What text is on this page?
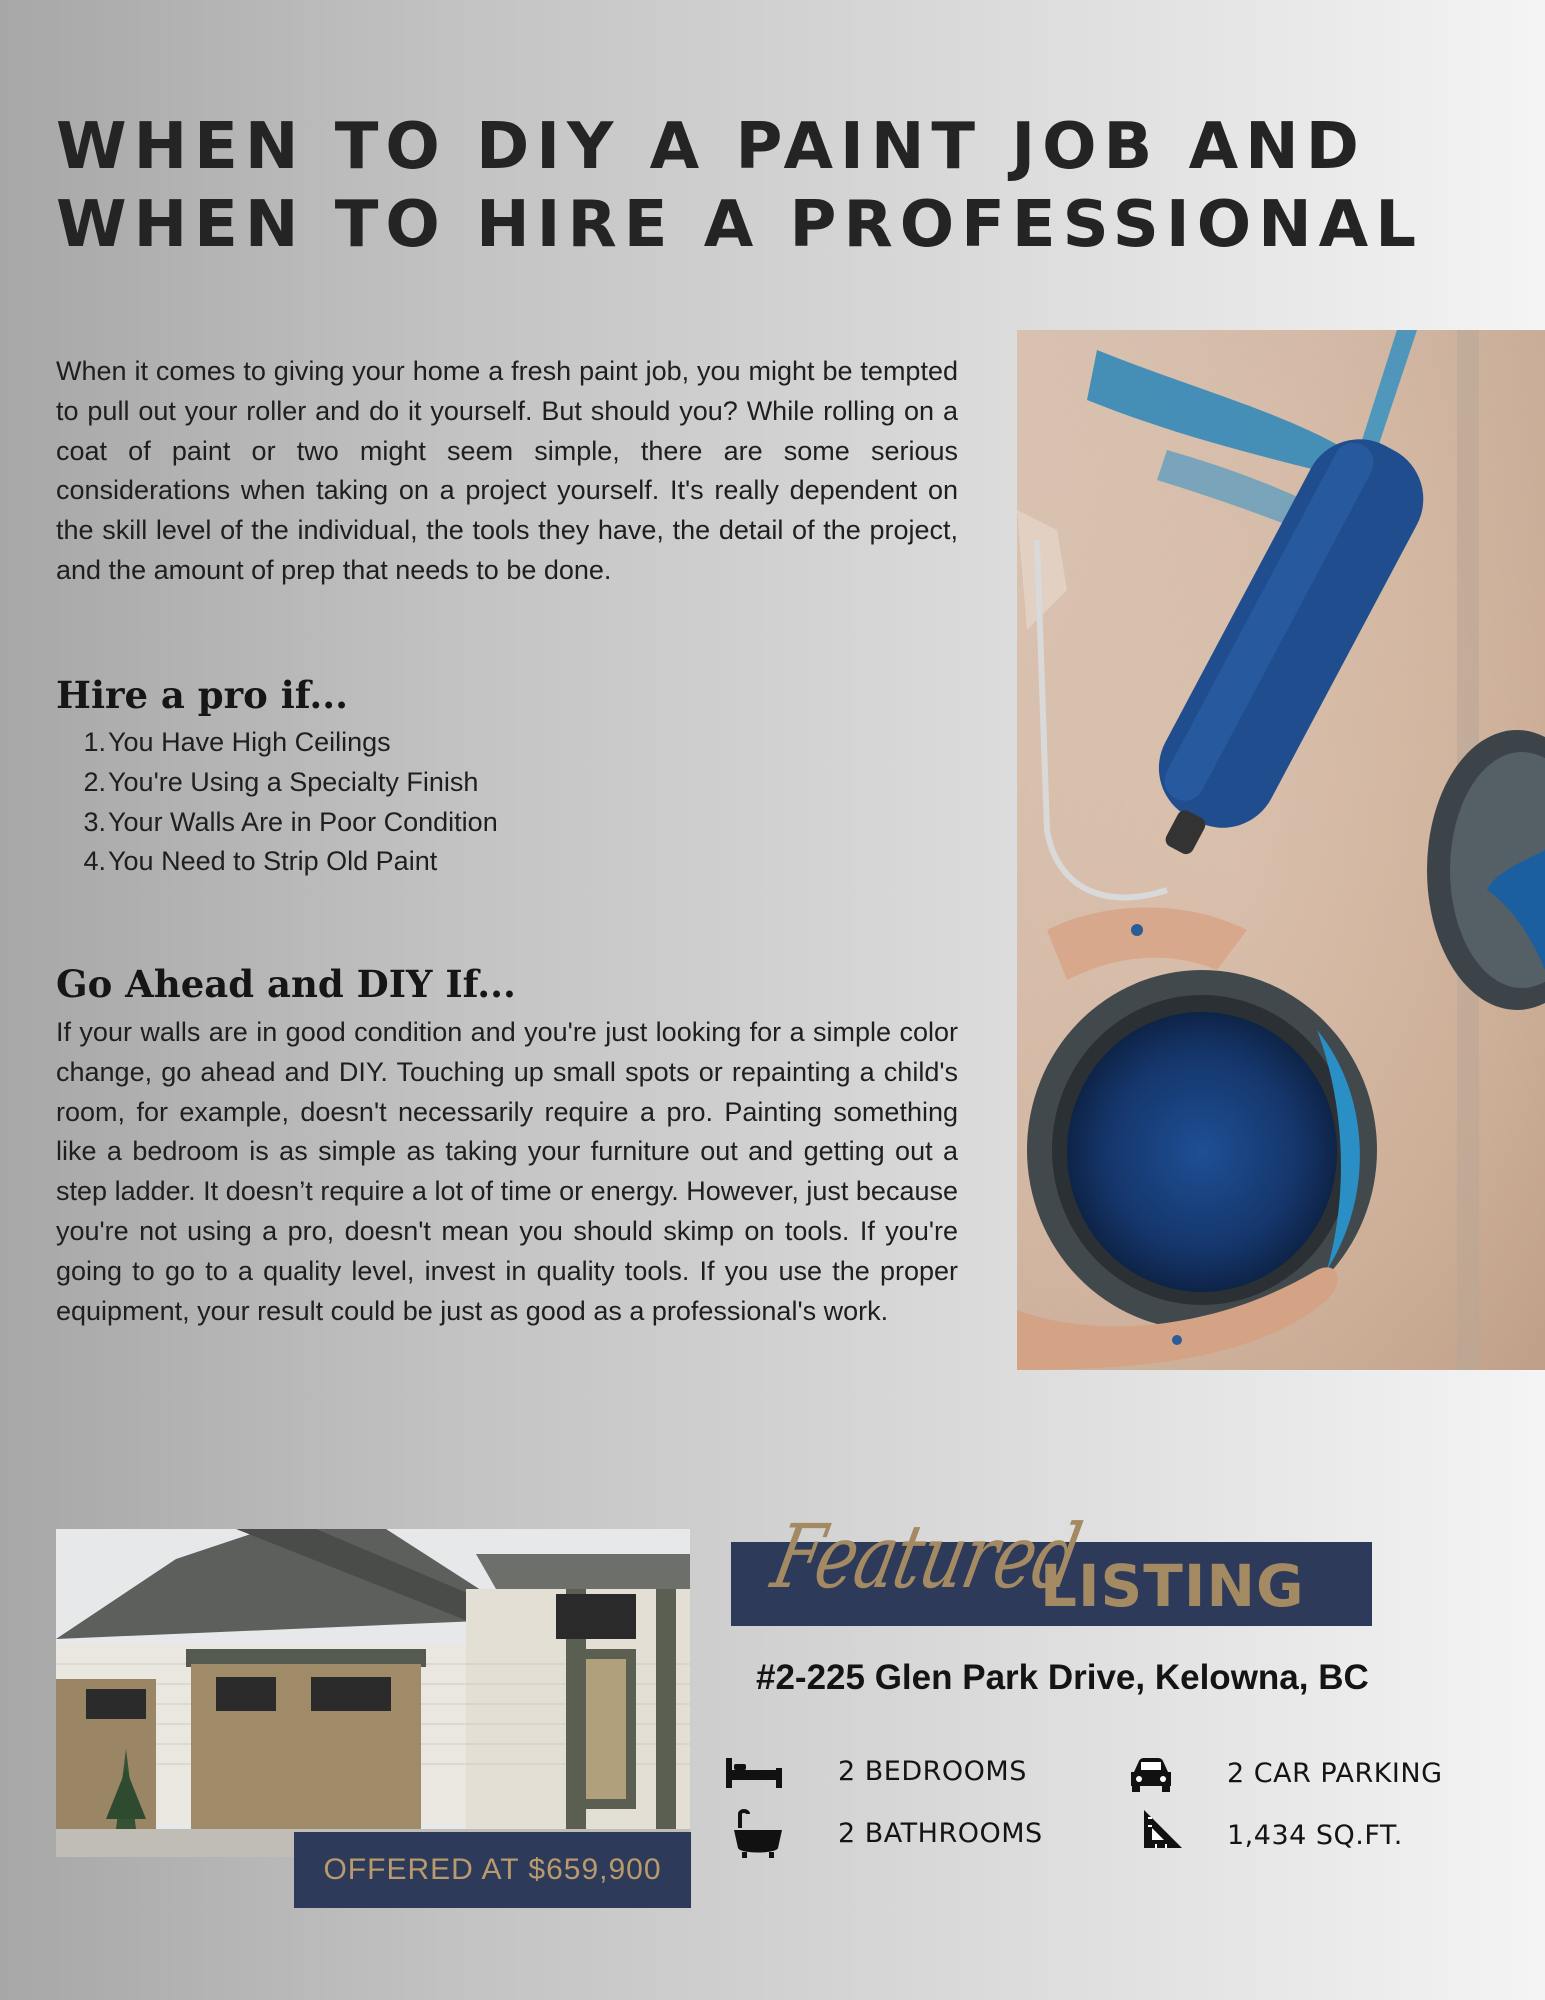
WHEN TO DIY A PAINT JOB AND
WHEN TO HIRE A PROFESSIONAL

When it comes to giving your home a fresh paint job, you might be tempted to pull out your roller and do it yourself. But should you? While rolling on a coat of paint or two might seem simple, there are some serious considerations when taking on a project yourself. It's really dependent on the skill level of the individual, the tools they have, the detail of the project, and the amount of prep that needs to be done.

Hire a pro if...
1. You Have High Ceilings
2. You're Using a Specialty Finish
3. Your Walls Are in Poor Condition
4. You Need to Strip Old Paint
Go Ahead and DIY If...

If your walls are in good condition and you're just looking for a simple color change, go ahead and DIY. Touching up small spots or repainting a child's room, for example, doesn't necessarily require a pro. Painting something like a bedroom is as simple as taking your furniture out and getting out a step ladder. It doesn’t require a lot of time or energy. However, just because you're not using a pro, doesn't mean you should skimp on tools. If you're going to go to a quality level, invest in quality tools. If you use the proper equipment, your result could be just as good as a professional's work.

OFFERED AT $659,900
Featured
LISTING
#2-225 Glen Park Drive, Kelowna, BC
2 BEDROOMS
2 BATHROOMS
2 CAR PARKING
1,434 SQ.FT.
